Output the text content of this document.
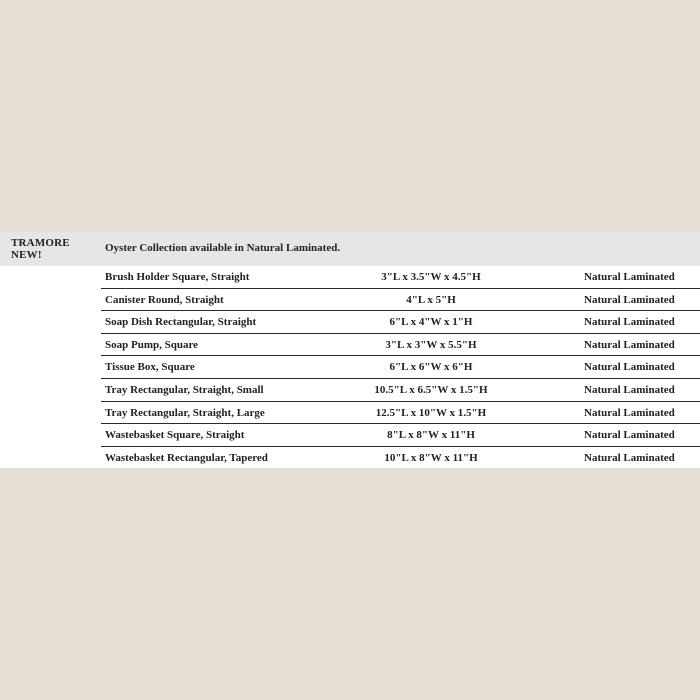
TRAMORE
NEW!
Oyster Collection available in Natural Laminated.
Brush Holder Square, Straight	3"L x 3.5"W x 4.5"H	Natural Laminated
Canister Round, Straight	4"L x 5"H	Natural Laminated
Soap Dish Rectangular, Straight	6"L x 4"W x 1"H	Natural Laminated
Soap Pump, Square	3"L x 3"W x 5.5"H	Natural Laminated
Tissue Box, Square	6"L x 6"W x 6"H	Natural Laminated
Tray Rectangular, Straight, Small	10.5"L x 6.5"W x 1.5"H	Natural Laminated
Tray Rectangular, Straight, Large	12.5"L x 10"W x 1.5"H	Natural Laminated
Wastebasket Square, Straight	8"L x 8"W x 11"H	Natural Laminated
Wastebasket Rectangular, Tapered	10"L x 8"W x 11"H	Natural Laminated
